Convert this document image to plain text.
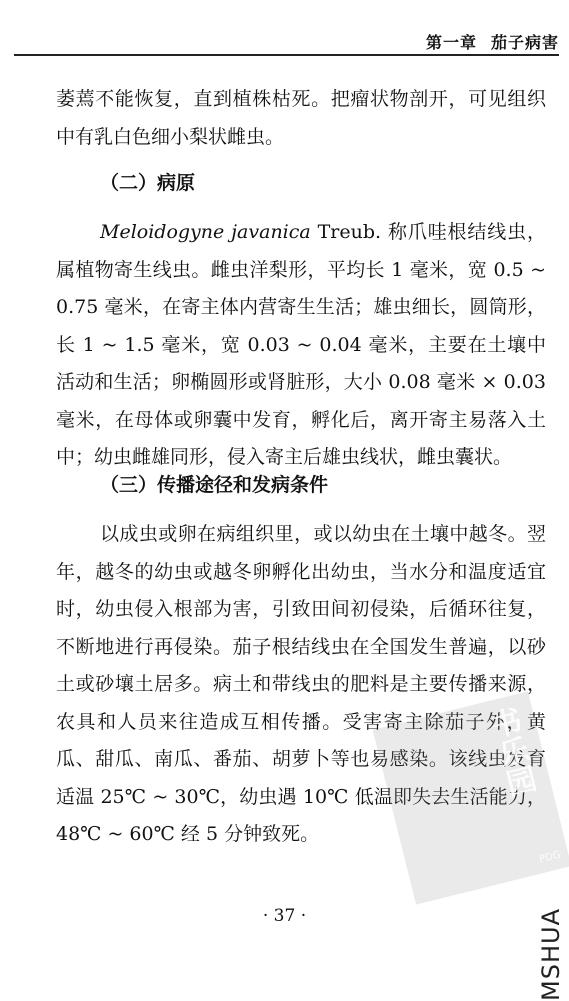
第一章 茄子病害
萎蔫不能恢复，直到植株枯死。把瘤状物剖开，可见组织中有乳白色细小梨状雌虫。
（二）病原
Meloidogyne javanica Treub. 称爪哇根结线虫，属植物寄生线虫。雌虫洋梨形，平均长 1 毫米，宽 0.5 ~ 0.75 毫米，在寄主体内营寄生生活；雄虫细长，圆筒形，长 1 ~ 1.5 毫米，宽 0.03 ~ 0.04 毫米，主要在土壤中活动和生活；卵椭圆形或肾脏形，大小 0.08 毫米 × 0.03 毫米，在母体或卵囊中发育，孵化后，离开寄主易落入土中；幼虫雌雄同形，侵入寄主后雄虫线状，雌虫囊状。
（三）传播途径和发病条件
以成虫或卵在病组织里，或以幼虫在土壤中越冬。翌年，越冬的幼虫或越冬卵孵化出幼虫，当水分和温度适宜时，幼虫侵入根部为害，引致田间初侵染，后循环往复，不断地进行再侵染。茄子根结线虫在全国发生普遍，以砂土或砂壤土居多。病土和带线虫的肥料是主要传播来源，农具和人员来往造成互相传播。受害寄主除茄子外，黄瓜、甜瓜、南瓜、番茄、胡萝卜等也易感染。该线虫发育适温 25℃ ~ 30℃，幼虫遇 10℃ 低温即失去生活能力，48℃ ~ 60℃ 经 5 分钟致死。
书乐园
PDG
· 37 ·	MSHUA
